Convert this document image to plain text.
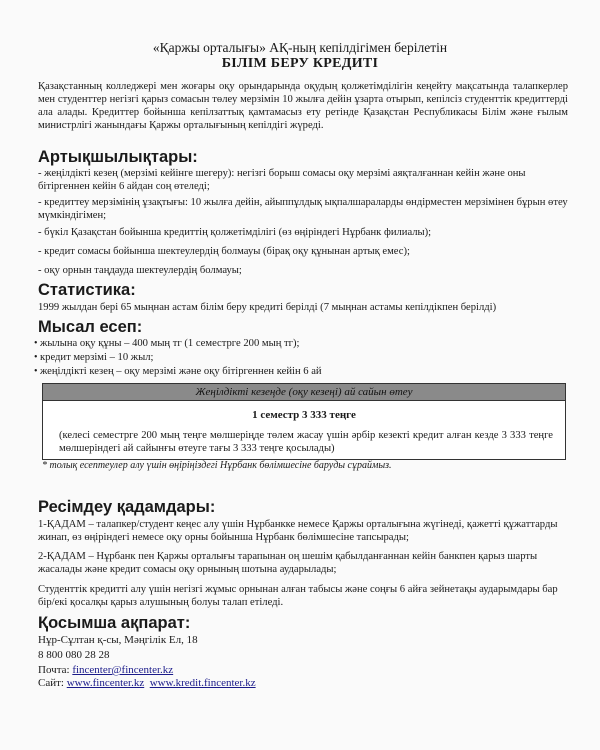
«Қаржы орталығы» АҚ-ның кепілдігімен берілетін
БІЛІМ БЕРУ КРЕДИТІ
Қазақстанның колледжері мен жоғары оқу орындарында оқудың қолжетімділігін кеңейту мақсатында талапкерлер мен студенттер негізгі қарыз сомасын төлеу мерзімін 10 жылға дейін ұзарта отырып, кепілсіз студенттік кредиттерді ала алады. Кредиттер бойынша кепілзаттық қамтамасыз ету ретінде Қазақстан Республикасы Білім және ғылым министрлігі жанындағы Қаржы орталығының кепілдігі жүреді.
Артықшылықтары:
- жеңілдікті кезең (мерзімі кейінге шегеру): негізгі борыш сомасы оқу мерзімі аяқталғаннан кейін және оны бітіргеннен кейін 6 айдан соң өтеледі;
- кредиттеу мерзімінің ұзақтығы: 10 жылға дейін, айыппұлдық ықпалшараларды өндірместен мерзімінен бұрын өтеу мүмкіндігімен;
- бүкіл Қазақстан бойынша кредиттің қолжетімділігі (өз өңіріндегі Нұрбанк филиалы);
- кредит сомасы бойынша шектеулердің болмауы (бірақ оқу құнынан артық емес);
- оқу орнын таңдауда шектеулердің болмауы;
Статистика:
1999 жылдан бері 65 мыңнан астам білім беру кредиті берілді (7 мыңнан астамы кепілдікпен берілді)
Мысал есеп:
• жылына оқу құны – 400 мың тг (1 семестрге 200 мың тг);
• кредит мерзімі – 10 жыл;
• жеңілдікті кезең – оқу мерзімі және оқу бітіргеннен кейін 6 ай
Жеңілдікті кезеңде (оқу кезеңі) ай сайын өтеу
1 семестр 3 333 теңге
(келесі семестрге 200 мың теңге мөлшеріңде төлем жасау үшін әрбір кезекті кредит алған кезде 3 333 теңге мөлшеріндегі ай сайынғы өтеуге тағы 3 333 теңге қосылады)
* толық есептеулер алу үшін өңіріңіздегі Нұрбанк бөлімшесіне баруды сұраймыз.
Ресімдеу қадамдары:
1-ҚАДАМ – талапкер/студент кеңес алу үшін Нұрбанкке немесе Қаржы орталығына жүгінеді, қажетті құжаттарды жинап, өз өңіріндегі немесе оқу орны бойынша Нұрбанк бөлімшесіне тапсырады;
2-ҚАДАМ – Нұрбанк пен Қаржы орталығы тарапынан оң шешім қабылданғаннан кейін банкпен қарыз шарты жасалады және кредит сомасы оқу орнының шотына аударылады;
Студенттік кредитті алу үшін негізгі жұмыс орнынан алған табысы және соңғы 6 айға зейнетақы аударымдары бар бір/екі қосалқы қарыз алушының болуы талап етіледі.
Қосымша ақпарат:
Нұр-Сұлтан қ-сы, Мәңгілік Ел, 18
8 800 080 28 28
Почта: fincenter@fincenter.kz
Сайт: www.fincenter.kz www.kredit.fincenter.kz
